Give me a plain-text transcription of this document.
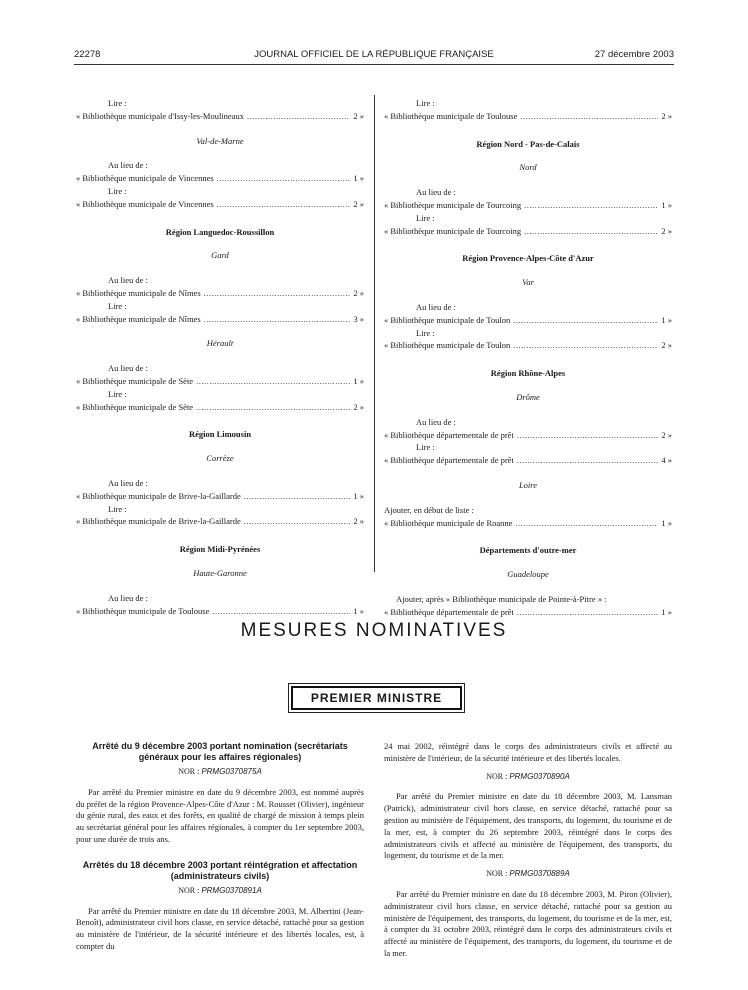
22278	JOURNAL OFFICIEL DE LA RÉPUBLIQUE FRANÇAISE	27 décembre 2003
Lire :
« Bibliothèque municipale d'Issy-les-Moulineaux .....	2 »
Val-de-Marne
Au lieu de :
« Bibliothèque municipale de Vincennes .....	1 »
Lire :
« Bibliothèque municipale de Vincennes .....	2 »
Région Languedoc-Roussillon
Gard
Au lieu de :
« Bibliothèque municipale de Nîmes .....	2 »
Lire :
« Bibliothèque municipale de Nîmes .....	3 »
Hérault
Au lieu de :
« Bibliothèque municipale de Sète .....	1 »
Lire :
« Bibliothèque municipale de Sète .....	2 »
Région Limousin
Corrèze
Au lieu de :
« Bibliothèque municipale de Brive-la-Gaillarde .....	1 »
Lire :
« Bibliothèque municipale de Brive-la-Gaillarde .....	2 »
Région Midi-Pyrénées
Haute-Garonne
Au lieu de :
« Bibliothèque municipale de Toulouse .....	1 »
Lire :
« Bibliothèque municipale de Toulouse .....	2 »
Région Nord - Pas-de-Calais
Nord
Au lieu de :
« Bibliothèque municipale de Tourcoing .....	1 »
Lire :
« Bibliothèque municipale de Tourcoing .....	2 »
Région Provence-Alpes-Côte d'Azur
Var
Au lieu de :
« Bibliothèque municipale de Toulon .....	1 »
Lire :
« Bibliothèque municipale de Toulon .....	2 »
Région Rhône-Alpes
Drôme
Au lieu de :
« Bibliothèque départementale de prêt .....	2 »
Lire :
« Bibliothèque départementale de prêt .....	4 »
Loire
Ajouter, en début de liste :
« Bibliothèque municipale de Roanne .....	1 »
Départements d'outre-mer
Guadeloupe
Ajouter, après « Bibliothèque municipale de Pointe-à-Pitre » :
« Bibliothèque départementale de prêt .....	1 »
MESURES NOMINATIVES
PREMIER MINISTRE
Arrêté du 9 décembre 2003 portant nomination (secrétariats généraux pour les affaires régionales)
NOR : PRMG0370875A

Par arrêté du Premier ministre en date du 9 décembre 2003, est nommé auprès du préfet de la région Provence-Alpes-Côte d'Azur : M. Rousset (Olivier), ingénieur du génie rural, des eaux et des forêts, en qualité de chargé de mission à temps plein au secrétariat général pour les affaires régionales, à compter du 1er septembre 2003, pour une durée de trois ans.

Arrêtés du 18 décembre 2003 portant réintégration et affectation (administrateurs civils)
NOR : PRMG0370891A

Par arrêté du Premier ministre en date du 18 décembre 2003, M. Albertini (Jean-Benoît), administrateur civil hors classe, en service détaché, rattaché pour sa gestion au ministère de l'intérieur, de la sécurité intérieure et des libertés locales, est, à compter du

24 mai 2002, réintégré dans le corps des administrateurs civils et affecté au ministère de l'intérieur, de la sécurité intérieure et des libertés locales.

NOR : PRMG0370890A

Par arrêté du Premier ministre en date du 18 décembre 2003, M. Lansman (Patrick), administrateur civil hors classe, en service détaché, rattaché pour sa gestion au ministère de l'équipement, des transports, du logement, du tourisme et de la mer, est, à compter du 26 septembre 2003, réintégré dans le corps des administrateurs civils et affecté au ministère de l'équipement, des transports, du logement, du tourisme et de la mer.

NOR : PRMG0370889A

Par arrêté du Premier ministre en date du 18 décembre 2003, M. Piron (Olivier), administrateur civil hors classe, en service détaché, rattaché pour sa gestion au ministère de l'équipement, des transports, du logement, du tourisme et de la mer, est, à compter du 31 octobre 2003, réintégré dans le corps des administrateurs civils et affecté au ministère de l'équipement, des transports, du logement, du tourisme et de la mer.
